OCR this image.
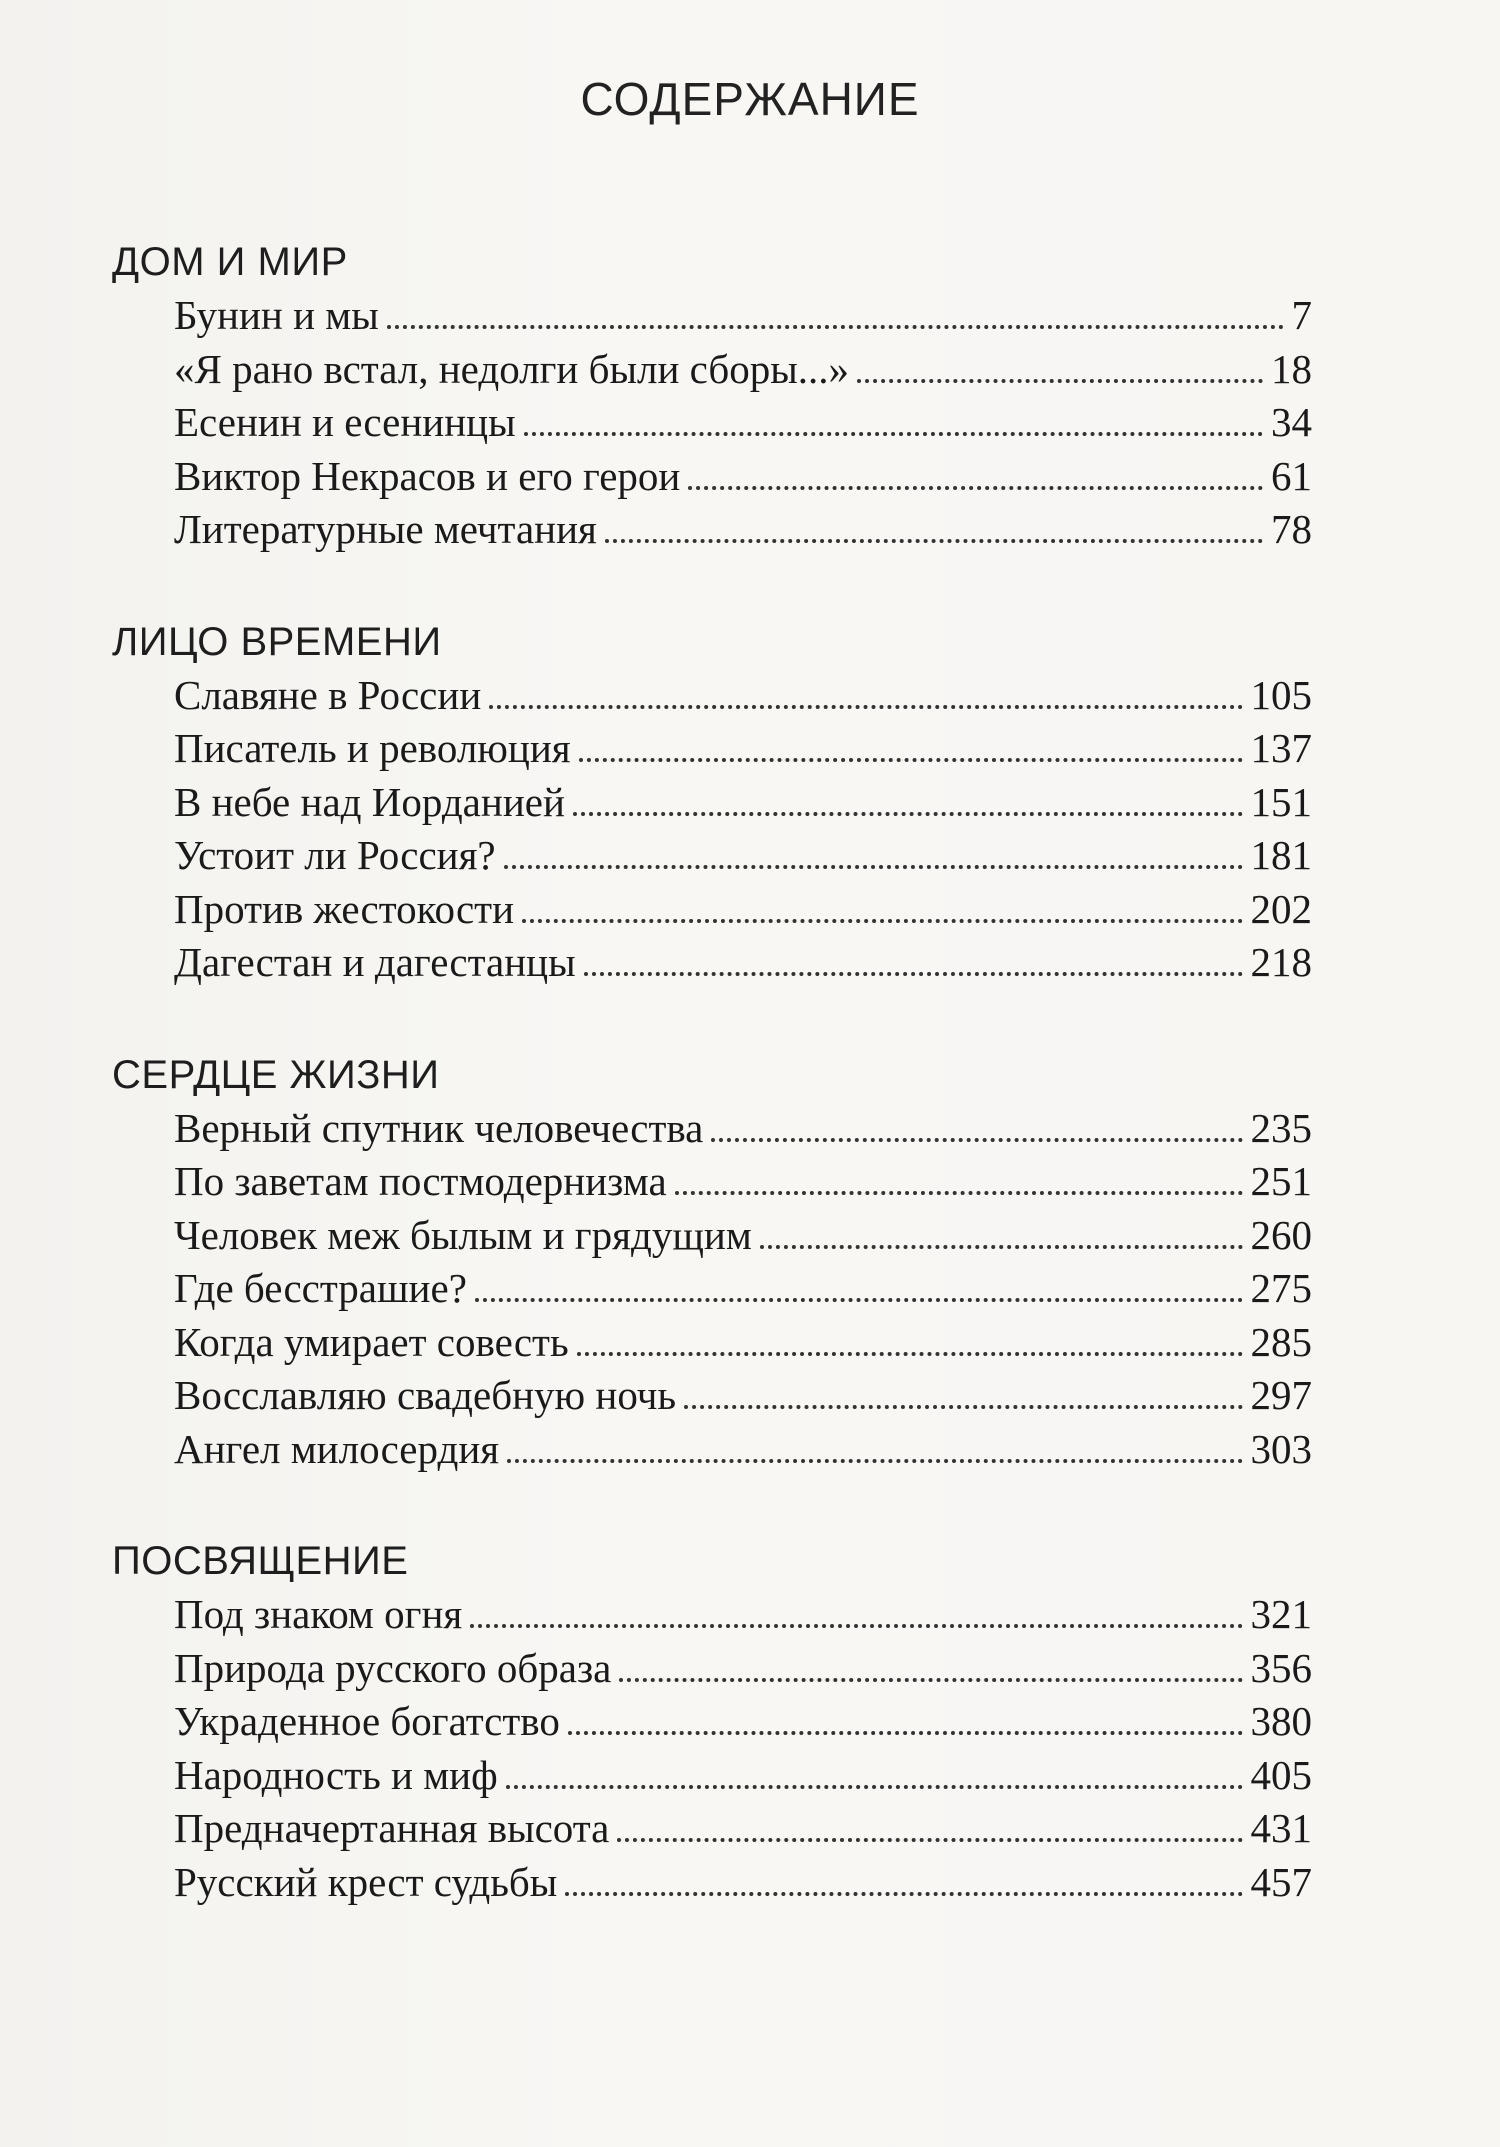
СОДЕРЖАНИЕ
ДОМ И МИР
Бунин и мы	7
«Я рано встал, недолги были сборы...»	18
Есенин и есенинцы	34
Виктор Некрасов и его герои	61
Литературные мечтания	78
ЛИЦО ВРЕМЕНИ
Славяне в России	105
Писатель и революция	137
В небе над Иорданией	151
Устоит ли Россия?	181
Против жестокости	202
Дагестан и дагестанцы	218
СЕРДЦЕ ЖИЗНИ
Верный спутник человечества	235
По заветам постмодернизма	251
Человек меж былым и грядущим	260
Где бесстрашие?	275
Когда умирает совесть	285
Восславляю свадебную ночь	297
Ангел милосердия	303
ПОСВЯЩЕНИЕ
Под знаком огня	321
Природа русского образа	356
Украденное богатство	380
Народность и миф	405
Предначертанная высота	431
Русский крест судьбы	457
